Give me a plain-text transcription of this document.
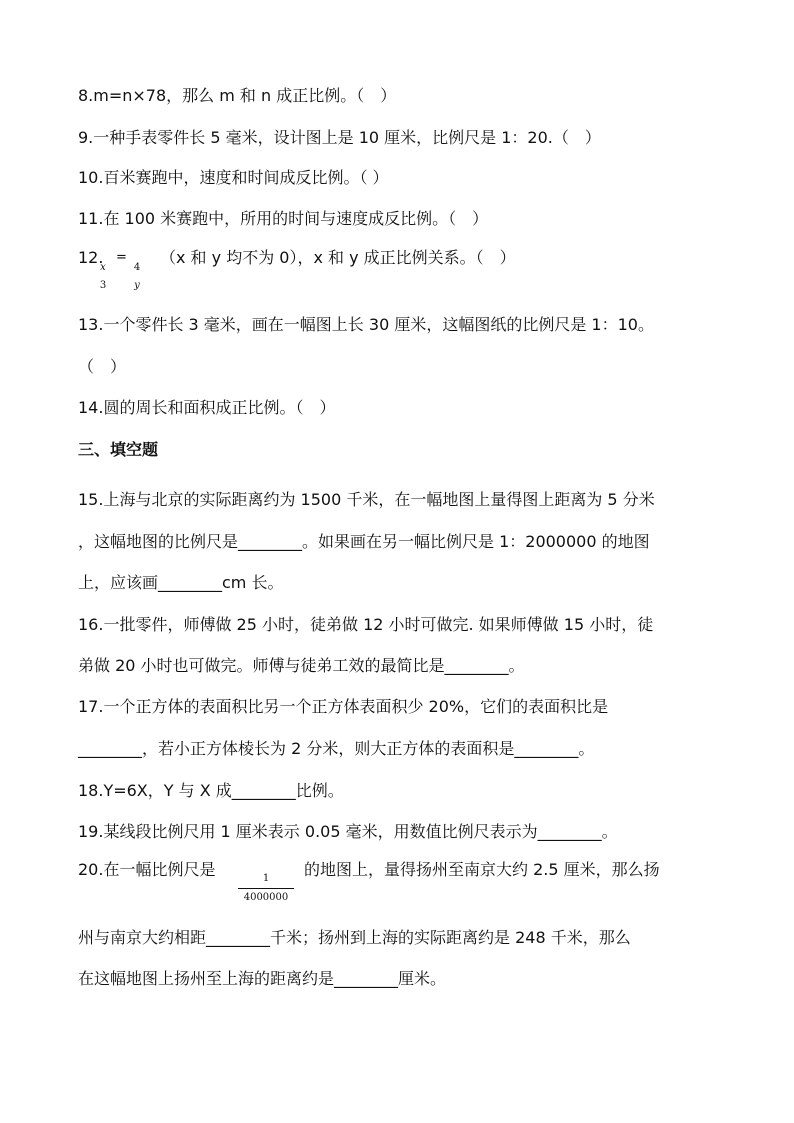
8.m=n×78，那么 m 和 n 成正比例。（　）
9.一种手表零件长 5 毫米，设计图上是 10 厘米，比例尺是 1：20.（　）
10.百米赛跑中，速度和时间成反比例。（ ）
11.在 100 米赛跑中，所用的时间与速度成反比例。（　）
12.
x
3
=
4
y
（x 和 y 均不为 0），x 和 y 成正比例关系。（　）
13.一个零件长 3 毫米，画在一幅图上长 30 厘米，这幅图纸的比例尺是 1：10。
（　）
14.圆的周长和面积成正比例。（　）
三、填空题
15.上海与北京的实际距离约为 1500 千米，在一幅地图上量得图上距离为 5 分米
，这幅地图的比例尺是________。如果画在另一幅比例尺是 1：2000000 的地图
上，应该画________cm 长。
16.一批零件，师傅做 25 小时，徒弟做 12 小时可做完. 如果师傅做 15 小时，徒
弟做 20 小时也可做完。师傅与徒弟工效的最简比是________。
17.一个正方体的表面积比另一个正方体表面积少 20%，它们的表面积比是
________，若小正方体棱长为 2 分米，则大正方体的表面积是________。
18.Y=6X，Y 与 X 成________比例。
19.某线段比例尺用 1 厘米表示 0.05 毫米，用数值比例尺表示为________。
20.在一幅比例尺是
$\frac{1}{4000000}$
的地图上，量得扬州至南京大约 2.5 厘米，那么扬
州与南京大约相距________千米；扬州到上海的实际距离约是 248 千米，那么
在这幅地图上扬州至上海的距离约是________厘米。
